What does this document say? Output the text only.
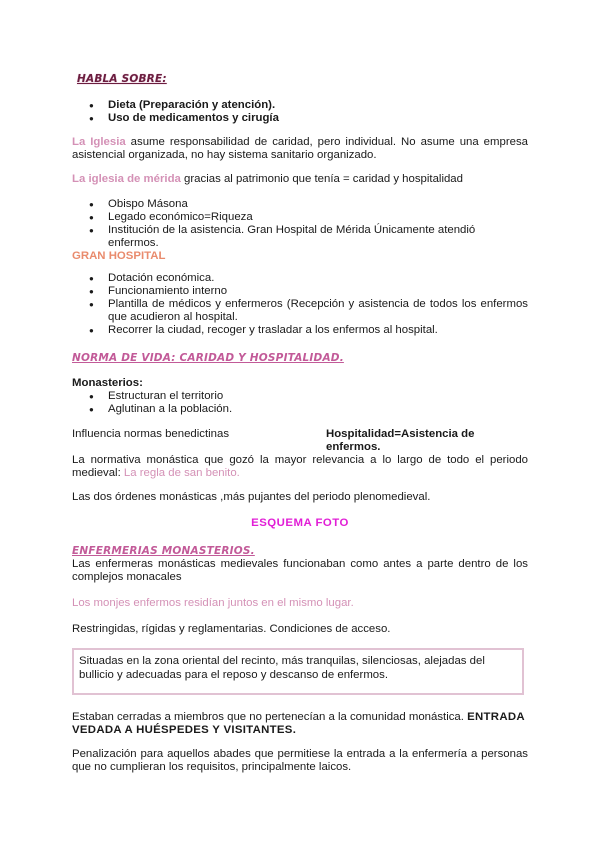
HABLA SOBRE:
● Dieta (Preparación y atención).
● Uso de medicamentos y cirugía
La Iglesia asume responsabilidad de caridad, pero individual. No asume una empresa asistencial organizada, no hay sistema sanitario organizado.
La iglesia de mérida gracias al patrimonio que tenía = caridad y hospitalidad
● Obispo Másona
● Legado económico=Riqueza
● Institución de la asistencia. Gran Hospital de Mérida Únicamente atendió enfermos.
GRAN HOSPITAL
● Dotación económica.
● Funcionamiento interno
● Plantilla de médicos y enfermeros (Recepción y asistencia de todos los enfermos que acudieron al hospital.
● Recorrer la ciudad, recoger y trasladar a los enfermos al hospital.
NORMA DE VIDA: CARIDAD Y HOSPITALIDAD.
Monasterios:
● Estructuran el territorio
● Aglutinan a la población.
Influencia normas benedictinas	Hospitalidad=Asistencia de enfermos.
La normativa monástica que gozó la mayor relevancia a lo largo de todo el periodo medieval: La regla de san benito.
Las dos órdenes monásticas ,más pujantes del periodo plenomedieval.
ESQUEMA FOTO
ENFERMERIAS MONASTERIOS.
Las enfermeras monásticas medievales funcionaban como antes a parte dentro de los complejos monacales
Los monjes enfermos residían juntos en el mismo lugar.
Restringidas, rígidas y reglamentarias. Condiciones de acceso.
Situadas en la zona oriental del recinto, más tranquilas, silenciosas, alejadas del bullicio y adecuadas para el reposo y descanso de enfermos.
Estaban cerradas a miembros que no pertenecían a la comunidad monástica. ENTRADA VEDADA A HUÉSPEDES Y VISITANTES.
Penalización para aquellos abades que permitiese la entrada a la enfermería a personas que no cumplieran los requisitos, principalmente laicos.
